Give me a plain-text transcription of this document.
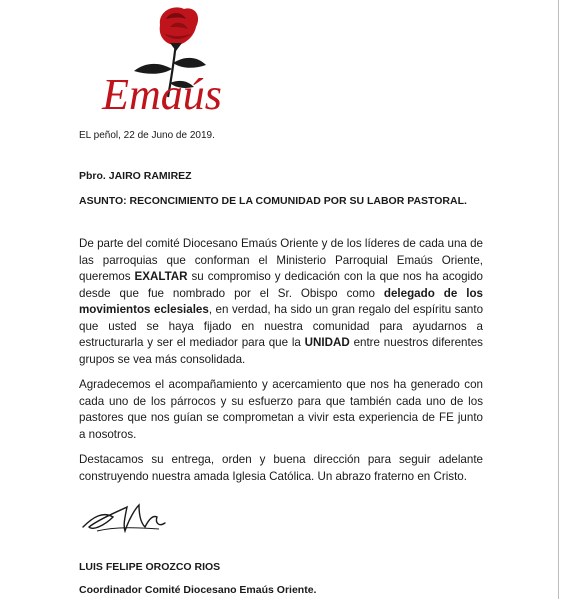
Emaús
EL peñol, 22 de Juno de 2019.
Pbro. JAIRO RAMIREZ
ASUNTO: RECONCIMIENTO DE LA COMUNIDAD POR SU LABOR PASTORAL.

De parte del comité Diocesano Emaús Oriente y de los líderes de cada una de las parroquias que conforman el Ministerio Parroquial Emaús Oriente, queremos EXALTAR su compromiso y dedicación con la que nos ha acogido desde que fue nombrado por el Sr. Obispo como delegado de los movimientos eclesiales, en verdad, ha sido un gran regalo del espíritu santo que usted se haya fijado en nuestra comunidad para ayudarnos a estructurarla y ser el mediador para que la UNIDAD entre nuestros diferentes grupos se vea más consolidada.

Agradecemos el acompañamiento y acercamiento que nos ha generado con cada uno de los párrocos y su esfuerzo para que también cada uno de los pastores que nos guían se comprometan a vivir esta experiencia de FE junto a nosotros.

Destacamos su entrega, orden y buena dirección para seguir adelante construyendo nuestra amada Iglesia Católica. Un abrazo fraterno en Cristo.

LUIS FELIPE OROZCO RIOS
Coordinador Comité Diocesano Emaús Oriente.
